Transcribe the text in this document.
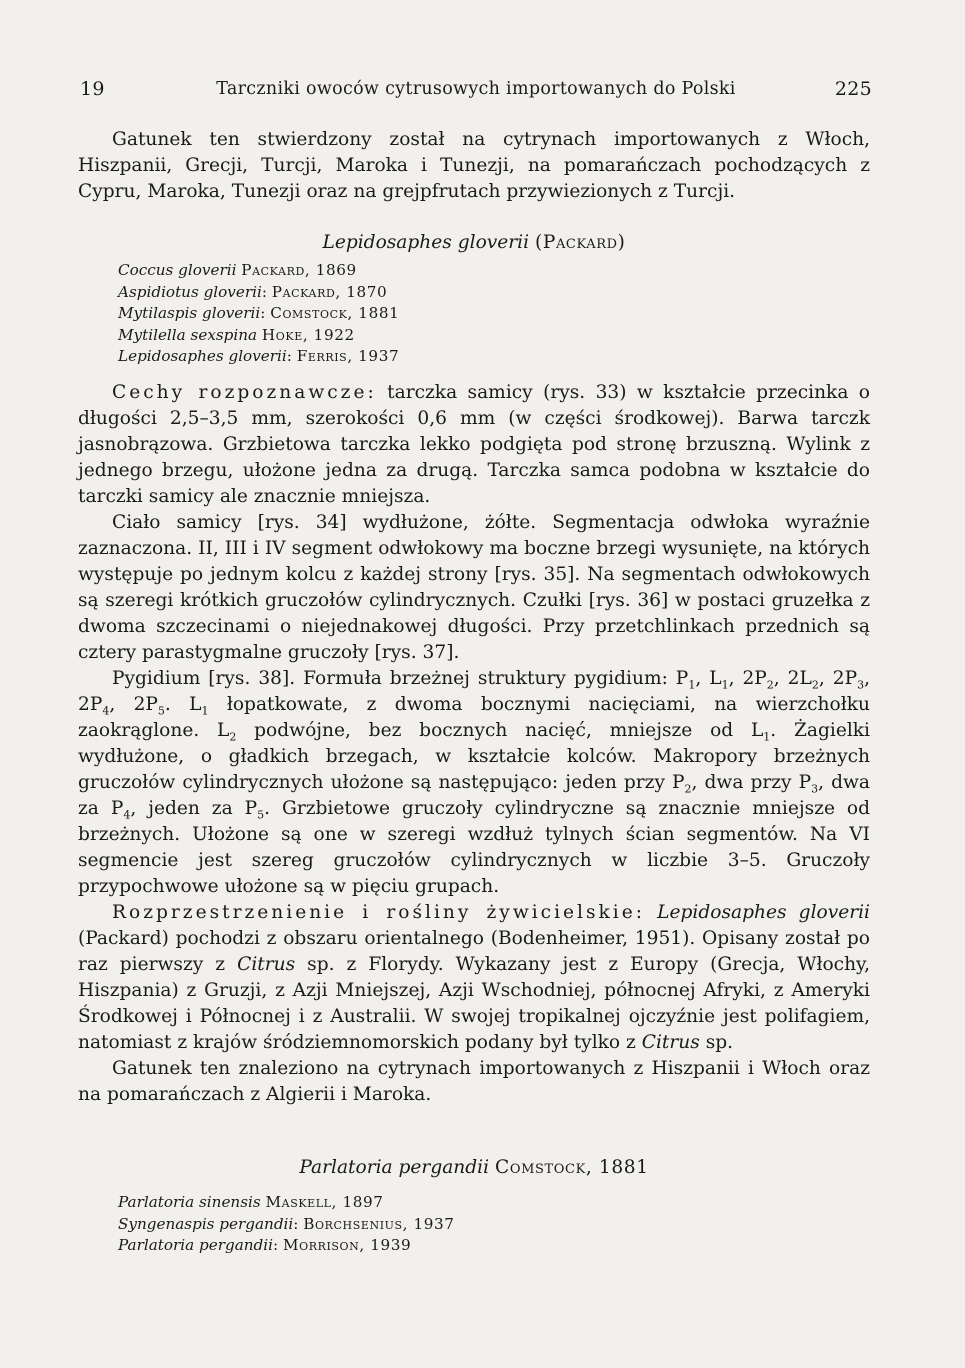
19	Tarczniki owoców cytrusowych importowanych do Polski	225

Gatunek ten stwierdzony został na cytrynach importowanych z Włoch, Hiszpanii, Grecji, Turcji, Maroka i Tunezji, na pomarańczach pochodzących z Cypru, Maroka, Tunezji oraz na grejpfrutach przywiezionych z Turcji.

Lepidosaphes gloverii (Packard)

Coccus gloverii Packard, 1869
Aspidiotus gloverii: Packard, 1870
Mytilaspis gloverii: Comstock, 1881
Mytilella sexspina Hoke, 1922
Lepidosaphes gloverii: Ferris, 1937

Cechy rozpoznawcze: tarczka samicy (rys. 33) w kształcie przecinka o długości 2,5–3,5 mm, szerokości 0,6 mm (w części środkowej). Barwa tarczk jasnobrązowa. Grzbietowa tarczka lekko podgięta pod stronę brzuszną. Wylink z jednego brzegu, ułożone jedna za drugą. Tarczka samca podobna w kształcie do tarczki samicy ale znacznie mniejsza.

Ciało samicy [rys. 34] wydłużone, żółte. Segmentacja odwłoka wyraźnie zaznaczona. II, III i IV segment odwłokowy ma boczne brzegi wysunięte, na których występuje po jednym kolcu z każdej strony [rys. 35]. Na segmentach odwłokowych są szeregi krótkich gruczołów cylindrycznych. Czułki [rys. 36] w postaci gruzełka z dwoma szczecinami o niejednakowej długości. Przy przetchlinkach przednich są cztery parastygmalne gruczoły [rys. 37].

Pygidium [rys. 38]. Formuła brzeżnej struktury pygidium: $P_1$, $L_1$, $2P_2$, $2L_2$, $2P_3$, $2P_4$, $2P_5$. $L_1$ łopatkowate, z dwoma bocznymi nacięciami, na wierzchołku zaokrąglone. $L_2$ podwójne, bez bocznych nacięć, mniejsze od $L_1$. Żagielki wydłużone, o gładkich brzegach, w kształcie kolców. Makropory brzeżnych gruczołów cylindrycznych ułożone są następująco: jeden przy $P_2$, dwa przy $P_3$, dwa za $P_4$, jeden za $P_5$. Grzbietowe gruczoły cylindryczne są znacznie mniejsze od brzeżnych. Ułożone są one w szeregi wzdłuż tylnych ścian segmentów. Na VI segmencie jest szereg gruczołów cylindrycznych w liczbie 3–5. Gruczoły przypochwowe ułożone są w pięciu grupach.

Rozprzestrzenienie i rośliny żywicielskie: Lepidosaphes gloverii (Packard) pochodzi z obszaru orientalnego (Bodenheimer, 1951). Opisany został po raz pierwszy z Citrus sp. z Florydy. Wykazany jest z Europy (Grecja, Włochy, Hiszpania) z Gruzji, z Azji Mniejszej, Azji Wschodniej, północnej Afryki, z Ameryki Środkowej i Północnej i z Australii. W swojej tropikalnej ojczyźnie jest polifagiem, natomiast z krajów śródziemnomorskich podany był tylko z Citrus sp.

Gatunek ten znaleziono na cytrynach importowanych z Hiszpanii i Włoch oraz na pomarańczach z Algierii i Maroka.

Parlatoria pergandii Comstock, 1881

Parlatoria sinensis Maskell, 1897
Syngenaspis pergandii: Borchsenius, 1937
Parlatoria pergandii: Morrison, 1939
